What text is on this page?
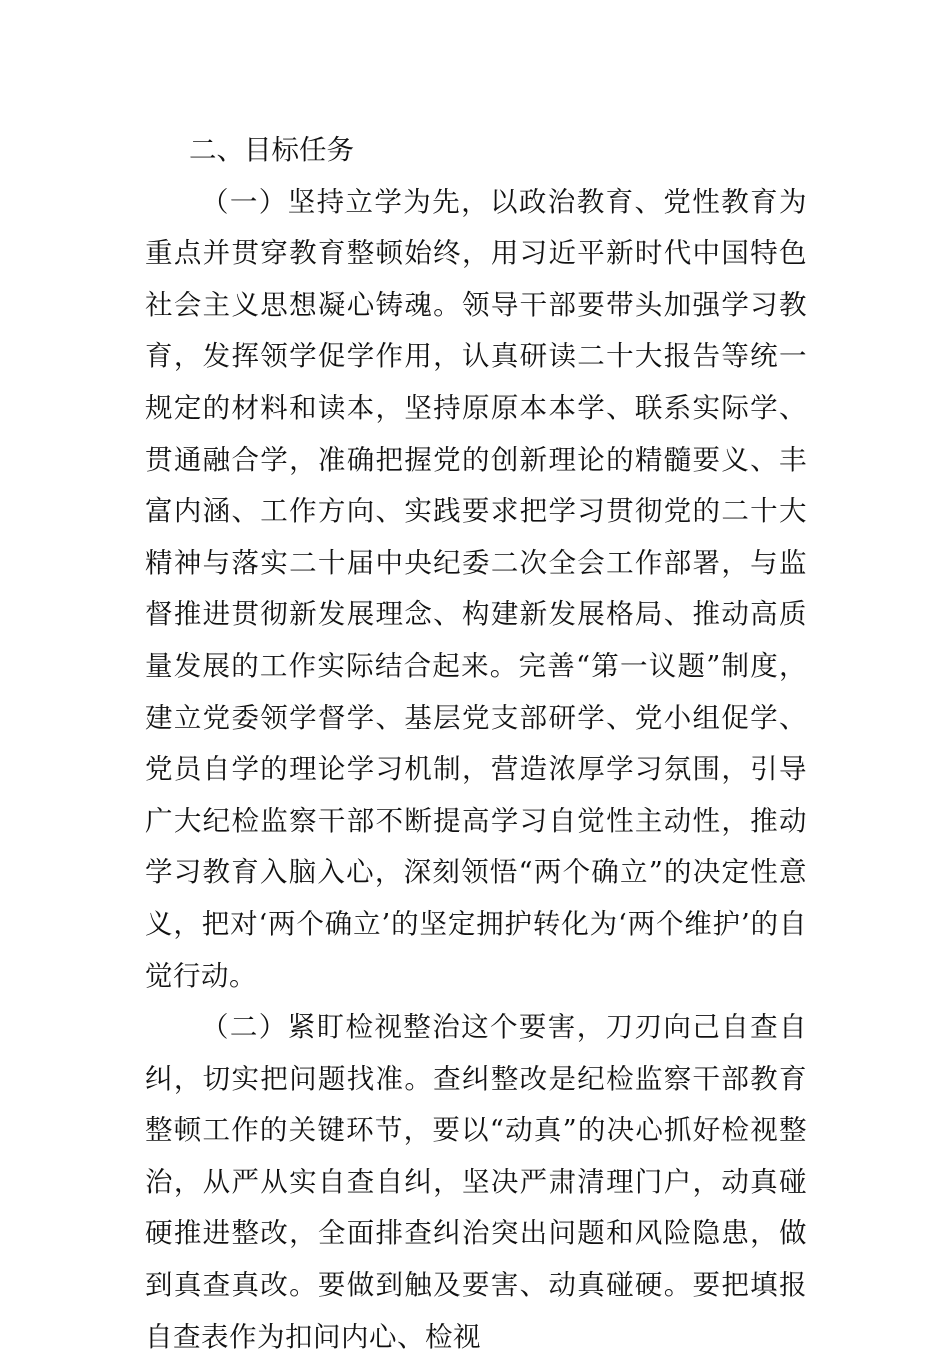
二、目标任务

（一）坚持立学为先，以政治教育、党性教育为重点并贯穿教育整顿始终，用习近平新时代中国特色社会主义思想凝心铸魂。领导干部要带头加强学习教育，发挥领学促学作用，认真研读二十大报告等统一规定的材料和读本，坚持原原本本学、联系实际学、贯通融合学，准确把握党的创新理论的精髓要义、丰富内涵、工作方向、实践要求把学习贯彻党的二十大精神与落实二十届中央纪委二次全会工作部署，与监督推进贯彻新发展理念、构建新发展格局、推动高质量发展的工作实际结合起来。完善“第一议题”制度，建立党委领学督学、基层党支部研学、党小组促学、党员自学的理论学习机制，营造浓厚学习氛围，引导广大纪检监察干部不断提高学习自觉性主动性，推动学习教育入脑入心，深刻领悟“两个确立”的决定性意义，把对‘两个确立’的坚定拥护转化为‘两个维护’的自觉行动。

（二）紧盯检视整治这个要害，刀刃向己自查自纠，切实把问题找准。查纠整改是纪检监察干部教育整顿工作的关键环节，要以“动真”的决心抓好检视整治，从严从实自查自纠，坚决严肃清理门户，动真碰硬推进整改，全面排查纠治突出问题和风险隐患，做到真查真改。要做到触及要害、动真碰硬。要把填报自查表作为扣问内心、检视
